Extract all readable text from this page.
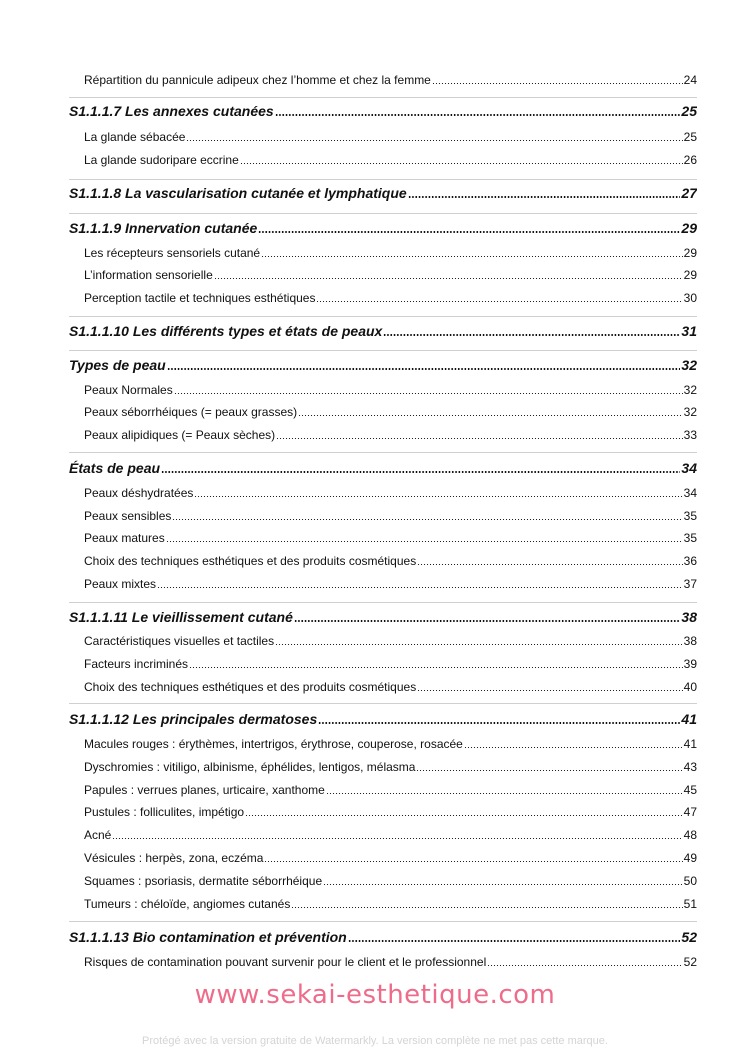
Répartition du pannicule adipeux chez l’homme et chez la femme	24
S1.1.1.7 Les annexes cutanées	25
La glande sébacée	25
La glande sudoripare eccrine	26
S1.1.1.8 La vascularisation cutanée et lymphatique	27
S1.1.1.9 Innervation cutanée	29
Les récepteurs sensoriels cutané	29
L’information sensorielle	29
Perception tactile et techniques esthétiques	30
S1.1.1.10 Les différents types et états de peaux	31
Types de peau	32
Peaux Normales	32
Peaux séborrhéiques (= peaux grasses)	32
Peaux alipidiques (= Peaux sèches)	33
États de peau	34
Peaux déshydratées	34
Peaux sensibles	35
Peaux matures	35
Choix des techniques esthétiques et des produits cosmétiques	36
Peaux mixtes	37
S1.1.1.11 Le vieillissement cutané	38
Caractéristiques visuelles et tactiles	38
Facteurs incriminés	39
Choix des techniques esthétiques et des produits cosmétiques	40
S1.1.1.12 Les principales dermatoses	41
Macules rouges : érythèmes, intertrigos, érythrose, couperose, rosacée	41
Dyschromies : vitiligo, albinisme, éphélides, lentigos, mélasma	43
Papules : verrues planes, urticaire, xanthome	45
Pustules : folliculites, impétigo	47
Acné	48
Vésicules : herpès, zona, eczéma	49
Squames : psoriasis, dermatite séborrhéique	50
Tumeurs : chéloïde, angiomes cutanés	51
S1.1.1.13 Bio contamination et prévention	52
Risques de contamination pouvant survenir pour le client et le professionnel	52
www.sekai-esthetique.com
Protégé avec la version gratuite de Watermarkly. La version complète ne met pas cette marque.
